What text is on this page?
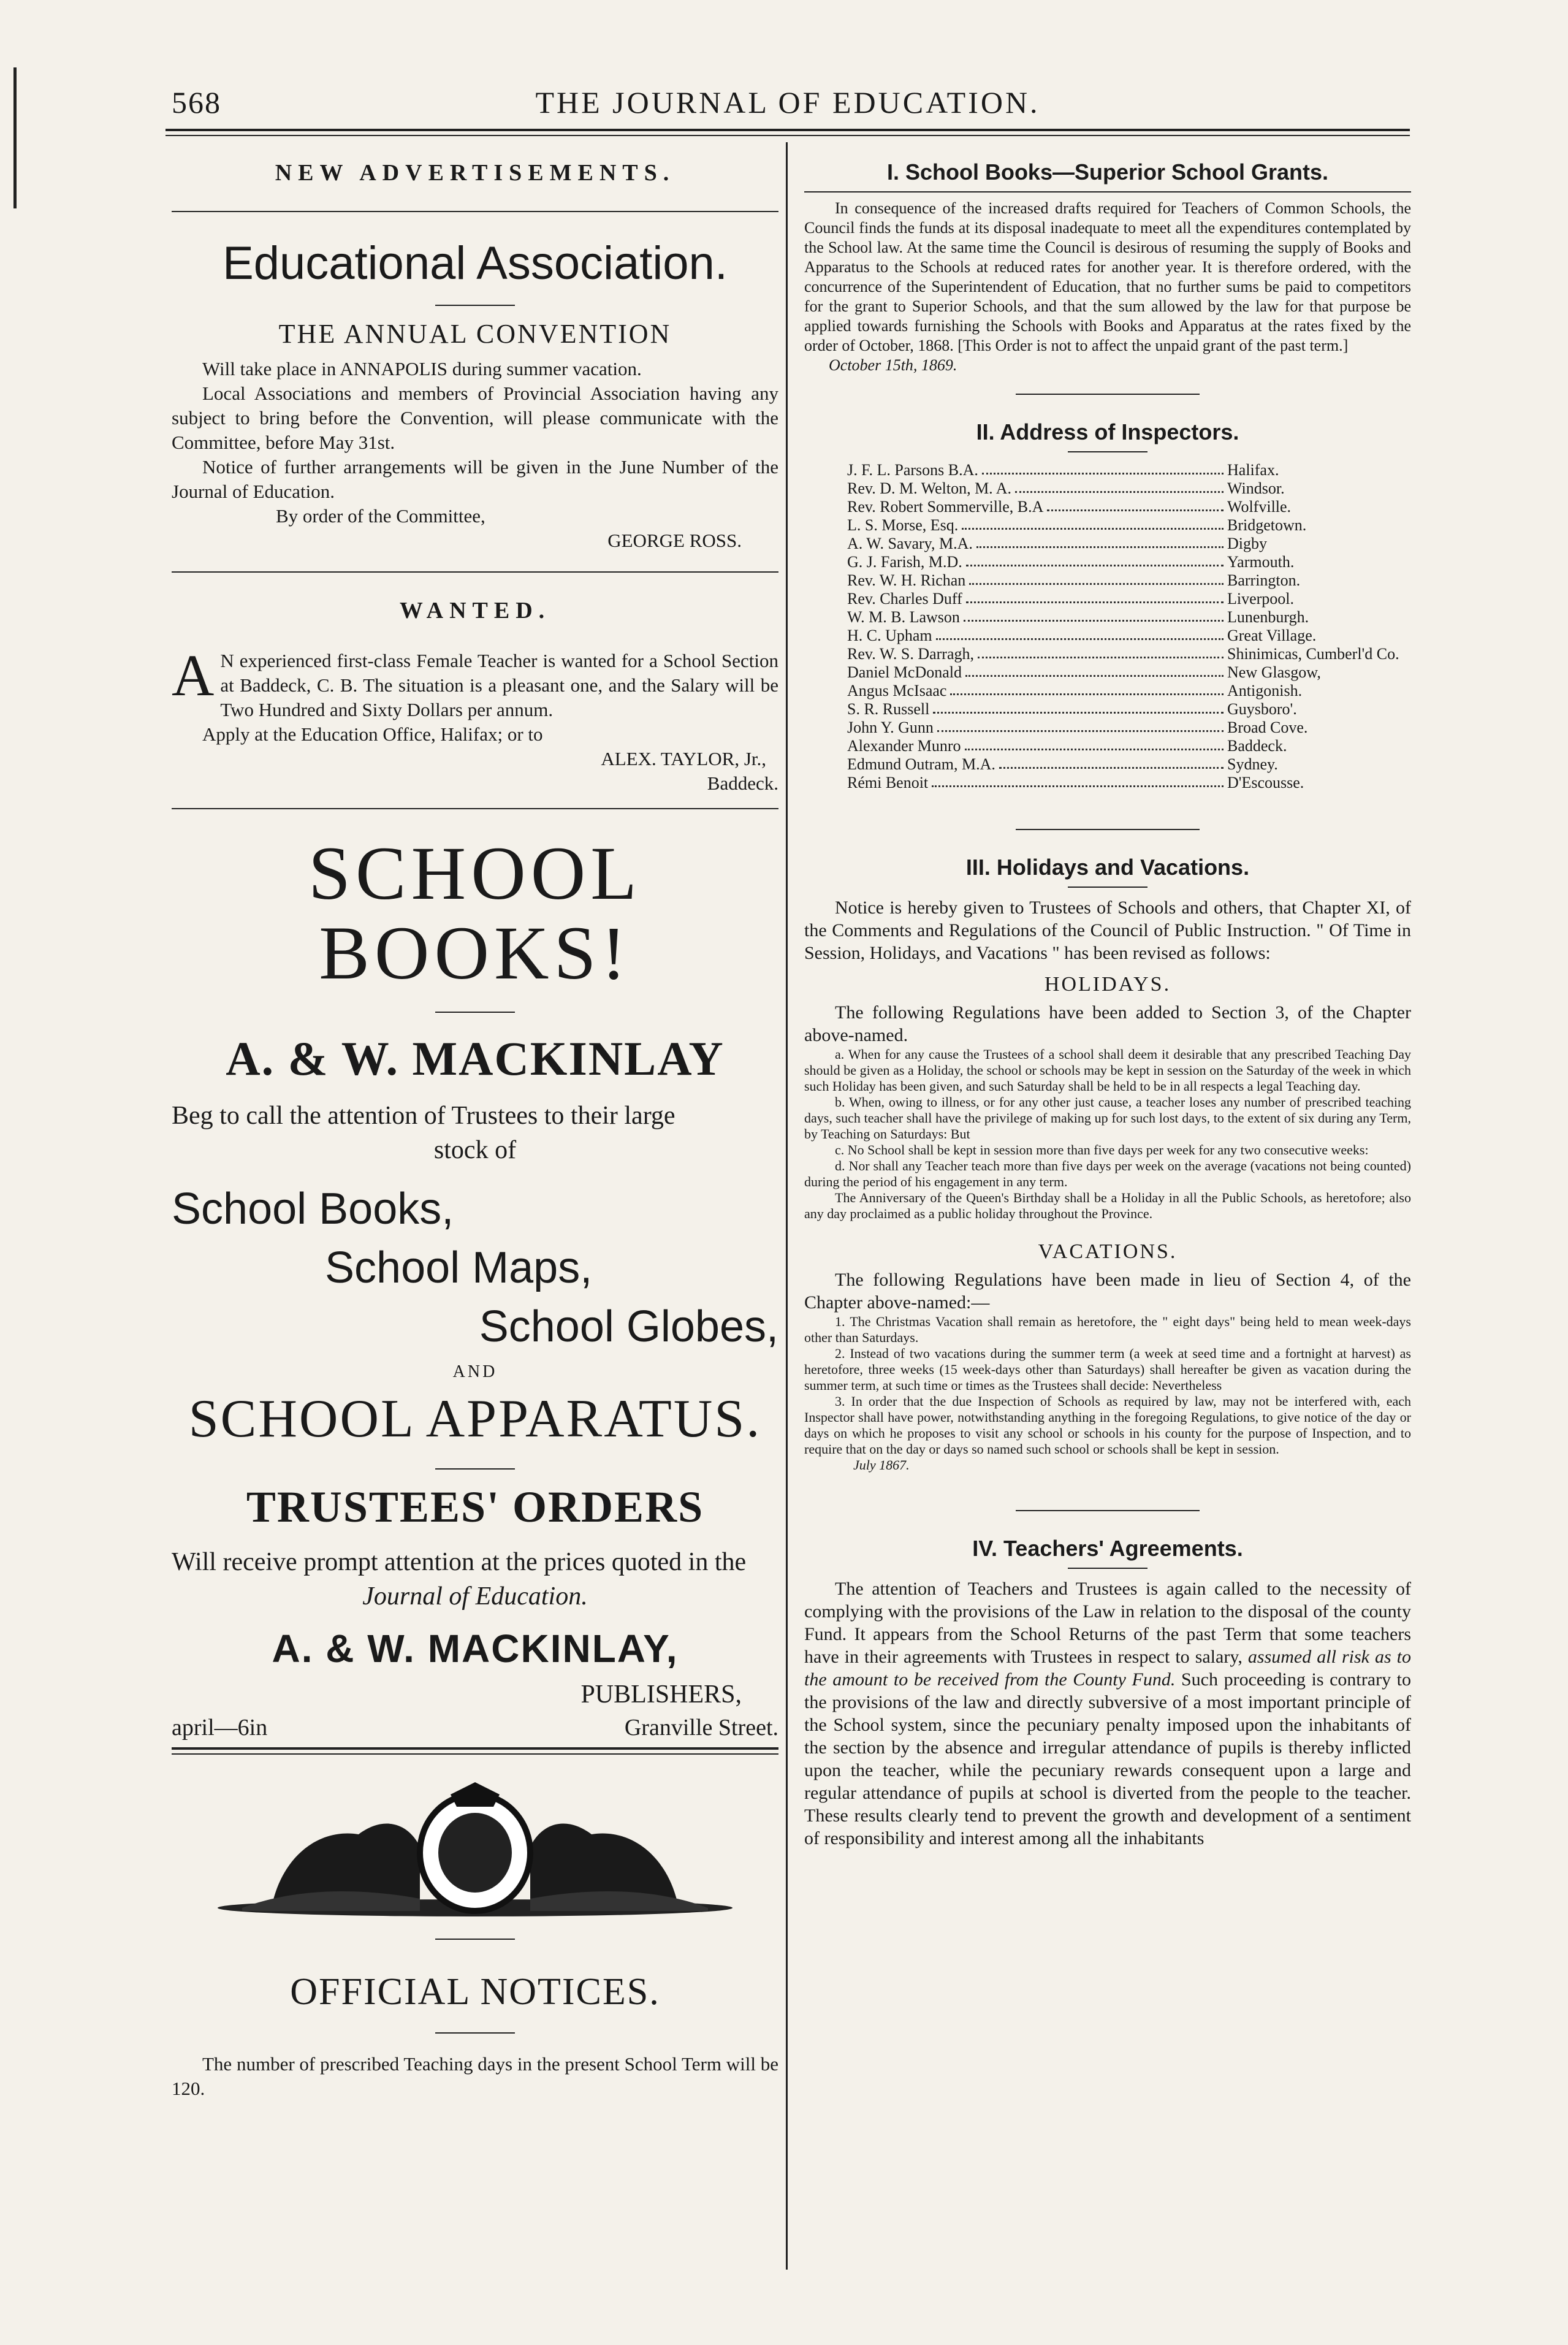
568	THE JOURNAL OF EDUCATION.
NEW ADVERTISEMENTS.
Educational Association.
THE ANNUAL CONVENTION

Will take place in ANNAPOLIS during summer vacation.

Local Associations and members of Provincial Association having any subject to bring before the Convention, will please communicate with the Committee, before May 31st.

Notice of further arrangements will be given in the June Number of the Journal of Education.

By order of the Committee,

GEORGE ROSS.

WANTED.

A N experienced first-class Female Teacher is wanted for a School Section at Baddeck, C. B. The situation is a pleasant one, and the Salary will be Two Hundred and Sixty Dollars per annum.

Apply at the Education Office, Halifax; or to

ALEX. TAYLOR, Jr.,

Baddeck.

SCHOOL BOOKS!
A. & W. MACKINLAY

Beg to call the attention of Trustees to their large

stock of

School Books,
School Maps,
School Globes,
AND
SCHOOL APPARATUS.
TRUSTEES' ORDERS

Will receive prompt attention at the prices quoted in the

Journal of Education.

A. & W. MACKINLAY,

PUBLISHERS,

april—6in	Granville Street.
OFFICIAL NOTICES.

The number of prescribed Teaching days in the present School Term will be 120.

I. School Books—Superior School Grants.

In consequence of the increased drafts required for Teachers of Common Schools, the Council finds the funds at its disposal inadequate to meet all the expenditures contemplated by the School law. At the same time the Council is desirous of resuming the supply of Books and Apparatus to the Schools at reduced rates for another year. It is therefore ordered, with the concurrence of the Superintendent of Education, that no further sums be paid to competitors for the grant to Superior Schools, and that the sum allowed by the law for that purpose be applied towards furnishing the Schools with Books and Apparatus at the rates fixed by the order of October, 1868. [This Order is not to affect the unpaid grant of the past term.]

October 15th, 1869.

II. Address of Inspectors.
J. F. L. Parsons B.A.	Halifax.
Rev. D. M. Welton, M. A.	Windsor.
Rev. Robert Sommerville, B.A	Wolfville.
L. S. Morse, Esq.	Bridgetown.
A. W. Savary, M.A.	Digby
G. J. Farish, M.D.	Yarmouth.
Rev. W. H. Richan	Barrington.
Rev. Charles Duff	Liverpool.
W. M. B. Lawson	Lunenburgh.
H. C. Upham	Great Village.
Rev. W. S. Darragh,	Shinimicas, Cumberl'd Co.
Daniel McDonald	New Glasgow,
Angus McIsaac	Antigonish.
S. R. Russell	Guysboro'.
John Y. Gunn	Broad Cove.
Alexander Munro	Baddeck.
Edmund Outram, M.A.	Sydney.
Rémi Benoit	D'Escousse.
III. Holidays and Vacations.

Notice is hereby given to Trustees of Schools and others, that Chapter XI, of the Comments and Regulations of the Council of Public Instruction. " Of Time in Session, Holidays, and Vacations " has been revised as follows:

HOLIDAYS.

The following Regulations have been added to Section 3, of the Chapter above-named.

a. When for any cause the Trustees of a school shall deem it desirable that any prescribed Teaching Day should be given as a Holiday, the school or schools may be kept in session on the Saturday of the week in which such Holiday has been given, and such Saturday shall be held to be in all respects a legal Teaching day.

b. When, owing to illness, or for any other just cause, a teacher loses any number of prescribed teaching days, such teacher shall have the privilege of making up for such lost days, to the extent of six during any Term, by Teaching on Saturdays: But

c. No School shall be kept in session more than five days per week for any two consecutive weeks:

d. Nor shall any Teacher teach more than five days per week on the average (vacations not being counted) during the period of his engagement in any term.

The Anniversary of the Queen's Birthday shall be a Holiday in all the Public Schools, as heretofore; also any day proclaimed as a public holiday throughout the Province.

VACATIONS.

The following Regulations have been made in lieu of Section 4, of the Chapter above-named:—

1. The Christmas Vacation shall remain as heretofore, the " eight days" being held to mean week-days other than Saturdays.

2. Instead of two vacations during the summer term (a week at seed time and a fortnight at harvest) as heretofore, three weeks (15 week-days other than Saturdays) shall hereafter be given as vacation during the summer term, at such time or times as the Trustees shall decide: Nevertheless

3. In order that the due Inspection of Schools as required by law, may not be interfered with, each Inspector shall have power, notwithstanding anything in the foregoing Regulations, to give notice of the day or days on which he proposes to visit any school or schools in his county for the purpose of Inspection, and to require that on the day or days so named such school or schools shall be kept in session.

July 1867.

IV. Teachers' Agreements.

The attention of Teachers and Trustees is again called to the necessity of complying with the provisions of the Law in relation to the disposal of the county Fund. It appears from the School Returns of the past Term that some teachers have in their agreements with Trustees in respect to salary, assumed all risk as to the amount to be received from the County Fund. Such proceeding is contrary to the provisions of the law and directly subversive of a most important principle of the School system, since the pecuniary penalty imposed upon the inhabitants of the section by the absence and irregular attendance of pupils is thereby inflicted upon the teacher, while the pecuniary rewards consequent upon a large and regular attendance of pupils at school is diverted from the people to the teacher. These results clearly tend to prevent the growth and development of a sentiment of responsibility and interest among all the inhabitants
